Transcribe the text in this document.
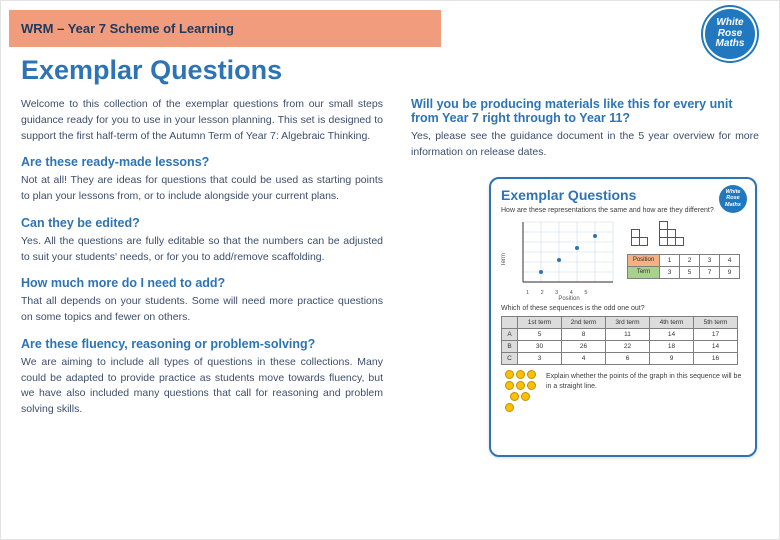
WRM – Year 7 Scheme of Learning	White
Rose
Maths
Exemplar Questions

Welcome to this collection of the exemplar questions from our small steps guidance ready for you to use in your lesson planning. This set is designed to support the first half-term of the Autumn Term of Year 7: Algebraic Thinking.

Are these ready-made lessons?

Not at all! They are ideas for questions that could be used as starting points to plan your lessons from, or to include alongside your current plans.

Can they be edited?

Yes. All the questions are fully editable so that the numbers can be adjusted to suit your students' needs, or for you to add/remove scaffolding.

How much more do I need to add?

That all depends on your students. Some will need more practice questions on some topics and fewer on others.

Are these fluency, reasoning or problem-solving?

We are aiming to include all types of questions in these collections. Many could be adapted to provide practice as students move towards fluency, but we have also included many questions that call for reasoning and problem solving skills.

Will you be producing materials like this for every unit from Year 7 right through to Year 11?

Yes, please see the guidance document in the 5 year overview for more information on release dates.

White
Rose
Maths
Exemplar Questions

How are these representations the same and how are they different?

Term
1 2 3 4 5
Position
Position	1	2	3	4
Term	3	5	7	9

Which of these sequences is the odd one out?

	1st term	2nd term	3rd term	4th term	5th term
A	5	8	11	14	17
B	30	26	22	18	14
C	3	4	6	9	16

Explain whether the points of the graph in this sequence will be in a straight line.
